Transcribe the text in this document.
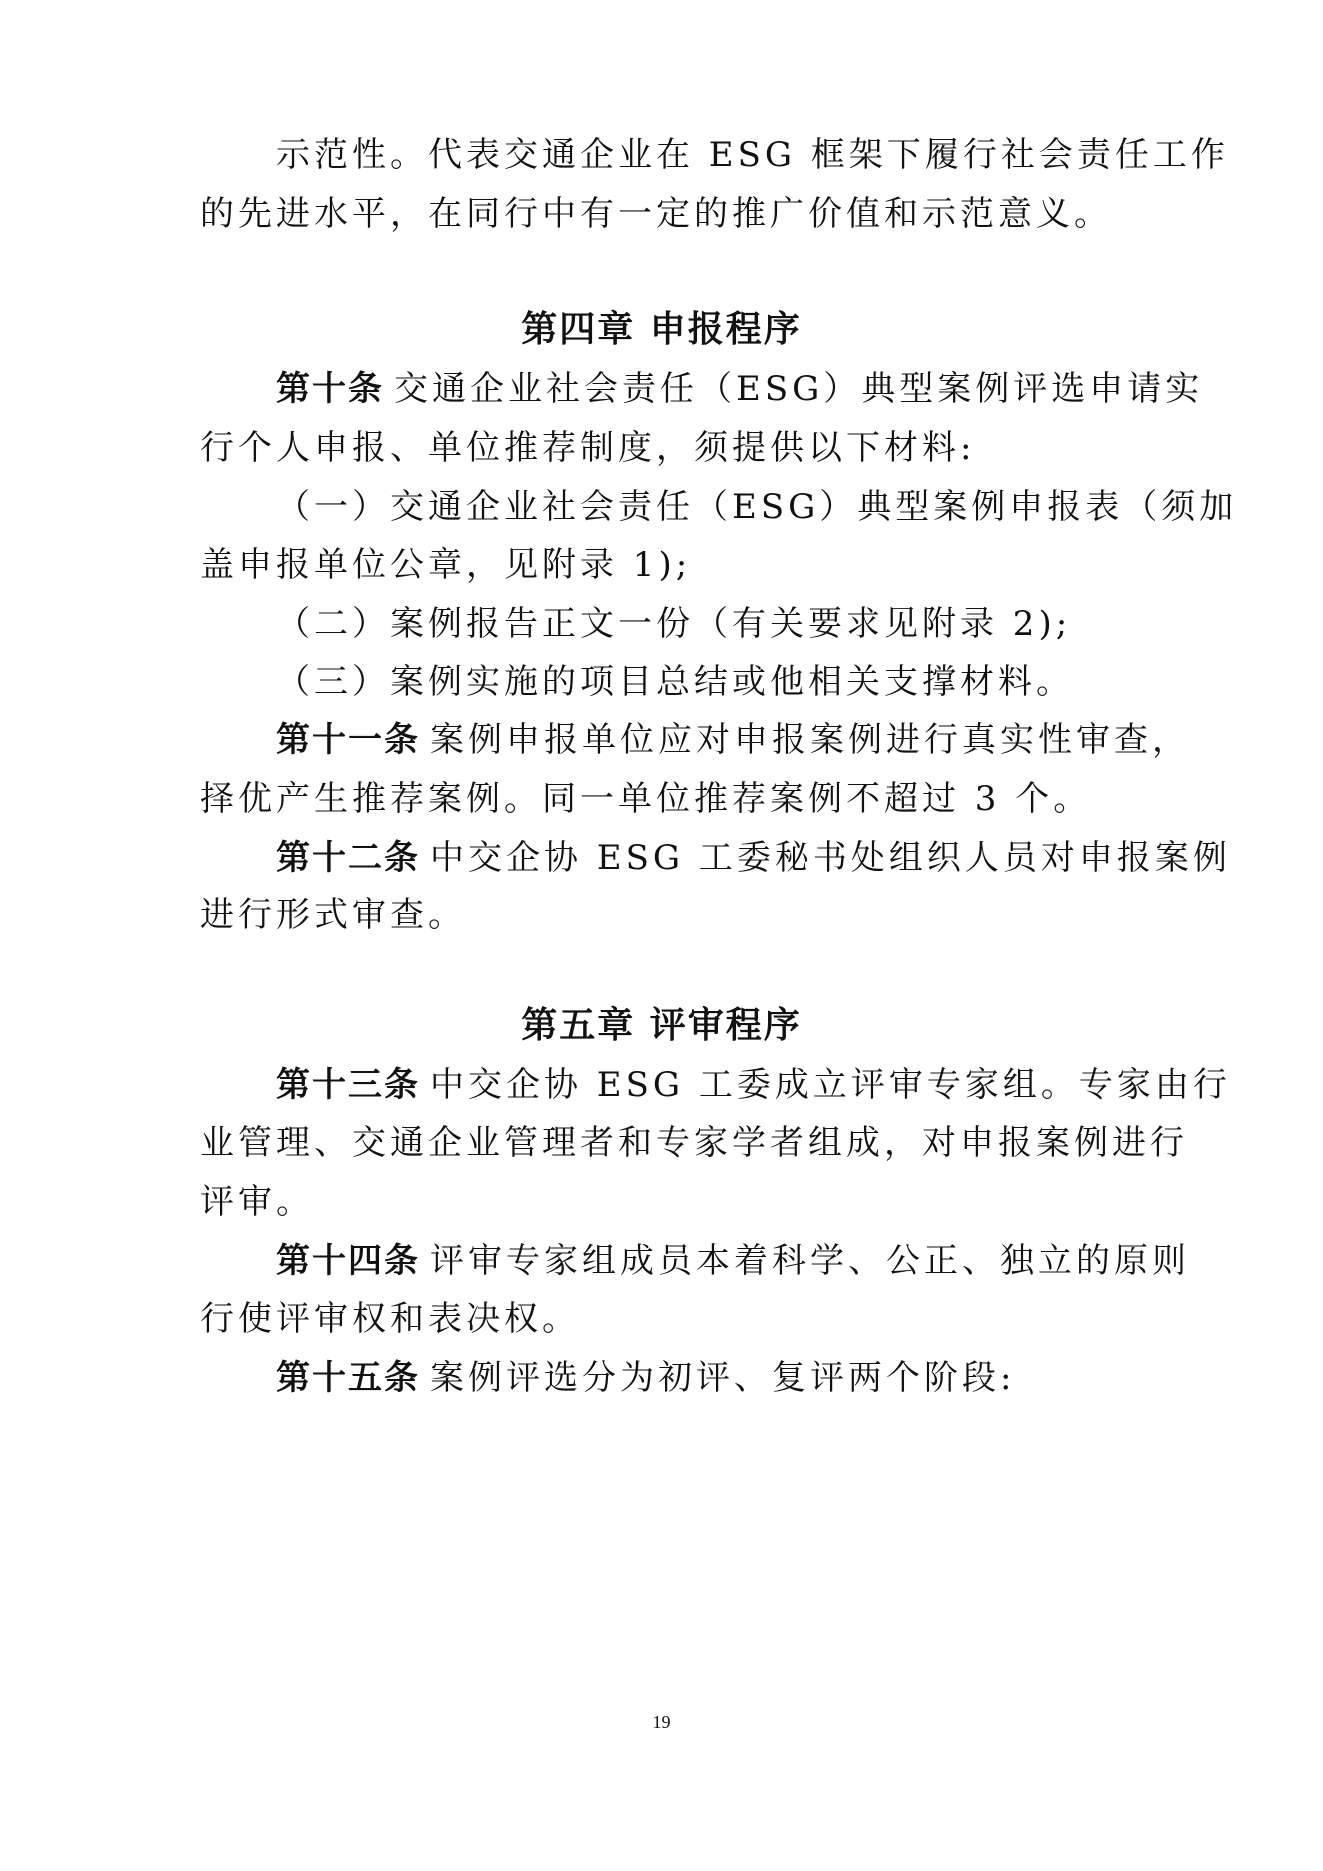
示范性。代表交通企业在 ESG 框架下履行社会责任工作
的先进水平，在同行中有一定的推广价值和示范意义。
第四章 申报程序
第十条 交通企业社会责任（ESG）典型案例评选申请实
行个人申报、单位推荐制度，须提供以下材料:
（一）交通企业社会责任（ESG）典型案例申报表（须加
盖申报单位公章，见附录 1);
（二）案例报告正文一份（有关要求见附录 2);
（三）案例实施的项目总结或他相关支撑材料。
第十一条 案例申报单位应对申报案例进行真实性审查，
择优产生推荐案例。同一单位推荐案例不超过 3 个。
第十二条 中交企协 ESG 工委秘书处组织人员对申报案例
进行形式审查。
第五章 评审程序
第十三条 中交企协 ESG 工委成立评审专家组。专家由行
业管理、交通企业管理者和专家学者组成，对申报案例进行
评审。
第十四条 评审专家组成员本着科学、公正、独立的原则
行使评审权和表决权。
第十五条 案例评选分为初评、复评两个阶段:
19
